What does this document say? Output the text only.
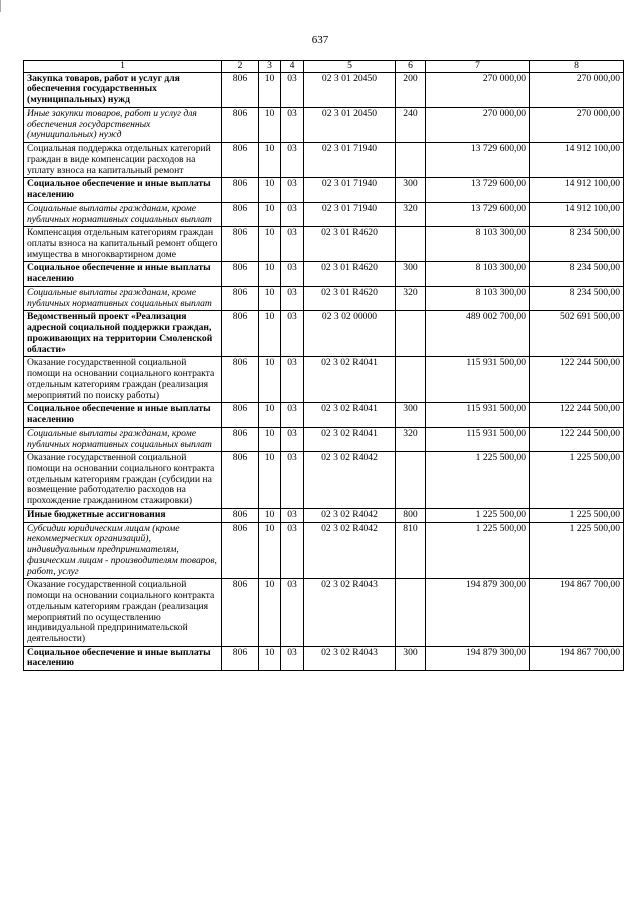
637
1	2	3	4	5	6	7	8
Закупка товаров, работ и услуг для обеспечения государственных (муниципальных) нужд	806	10	03	02 3 01 20450	200	270 000,00	270 000,00
Иные закупки товаров, работ и услуг для обеспечения государственных (муниципальных) нужд	806	10	03	02 3 01 20450	240	270 000,00	270 000,00
Социальная поддержка отдельных категорий граждан в виде компенсации расходов на уплату взноса на капитальный ремонт	806	10	03	02 3 01 71940		13 729 600,00	14 912 100,00
Социальное обеспечение и иные выплаты населению	806	10	03	02 3 01 71940	300	13 729 600,00	14 912 100,00
Социальные выплаты гражданам, кроме публичных нормативных социальных выплат	806	10	03	02 3 01 71940	320	13 729 600,00	14 912 100,00
Компенсация отдельным категориям граждан оплаты взноса на капитальный ремонт общего имущества в многоквартирном доме	806	10	03	02 3 01 R4620		8 103 300,00	8 234 500,00
Социальное обеспечение и иные выплаты населению	806	10	03	02 3 01 R4620	300	8 103 300,00	8 234 500,00
Социальные выплаты гражданам, кроме публичных нормативных социальных выплат	806	10	03	02 3 01 R4620	320	8 103 300,00	8 234 500,00
Ведомственный проект «Реализация адресной социальной поддержки граждан, проживающих на территории Смоленской области»	806	10	03	02 3 02 00000		489 002 700,00	502 691 500,00
Оказание государственной социальной помощи на основании социального контракта отдельным категориям граждан (реализация мероприятий по поиску работы)	806	10	03	02 3 02 R4041		115 931 500,00	122 244 500,00
Социальное обеспечение и иные выплаты населению	806	10	03	02 3 02 R4041	300	115 931 500,00	122 244 500,00
Социальные выплаты гражданам, кроме публичных нормативных социальных выплат	806	10	03	02 3 02 R4041	320	115 931 500,00	122 244 500,00
Оказание государственной социальной помощи на основании социального контракта отдельным категориям граждан (субсидии на возмещение работодателю расходов на прохождение гражданином стажировки)	806	10	03	02 3 02 R4042		1 225 500,00	1 225 500,00
Иные бюджетные ассигнования	806	10	03	02 3 02 R4042	800	1 225 500,00	1 225 500,00
Субсидии юридическим лицам (кроме некоммерческих организаций), индивидуальным предпринимателям, физическим лицам - производителям товаров, работ, услуг	806	10	03	02 3 02 R4042	810	1 225 500,00	1 225 500,00
Оказание государственной социальной помощи на основании социального контракта отдельным категориям граждан (реализация мероприятий по осуществлению индивидуальной предпринимательской деятельности)	806	10	03	02 3 02 R4043		194 879 300,00	194 867 700,00
Социальное обеспечение и иные выплаты населению	806	10	03	02 3 02 R4043	300	194 879 300,00	194 867 700,00
